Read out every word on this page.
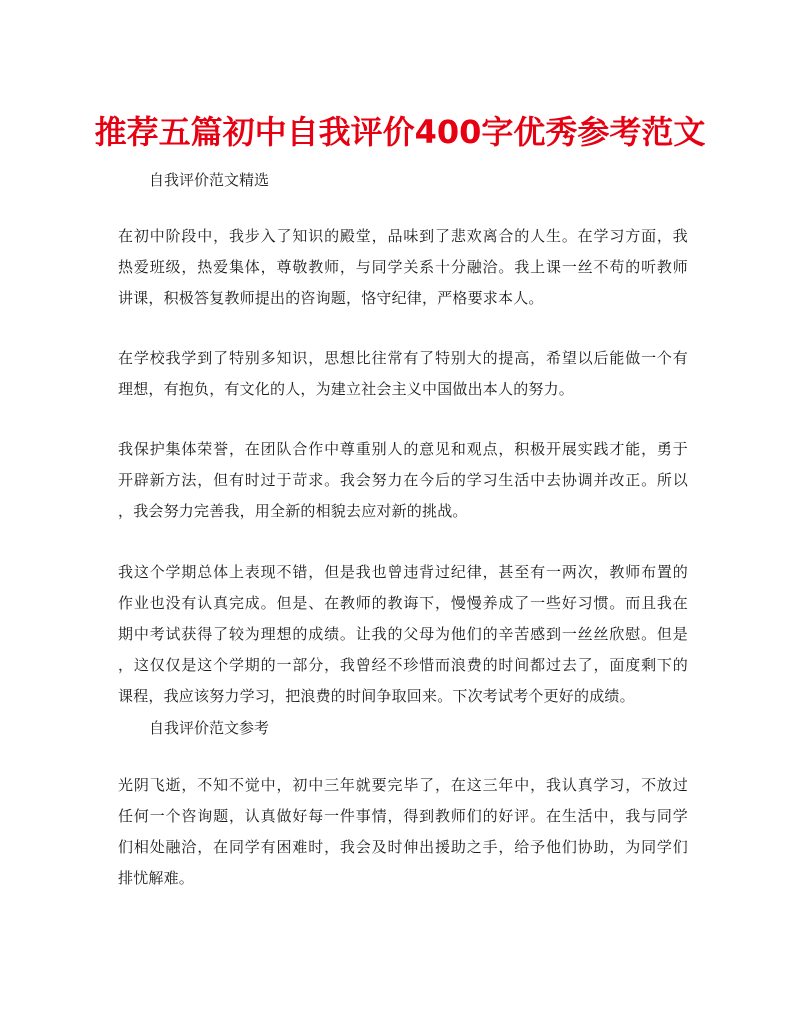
推荐五篇初中自我评价400字优秀参考范文
自我评价范文精选
在初中阶段中，我步入了知识的殿堂，品味到了悲欢离合的人生。在学习方面，我
热爱班级，热爱集体，尊敬教师，与同学关系十分融洽。我上课一丝不苟的听教师
讲课，积极答复教师提出的咨询题，恪守纪律，严格要求本人。
在学校我学到了特别多知识，思想比往常有了特别大的提高，希望以后能做一个有
理想，有抱负，有文化的人，为建立社会主义中国做出本人的努力。
我保护集体荣誉，在团队合作中尊重别人的意见和观点，积极开展实践才能，勇于
开辟新方法，但有时过于苛求。我会努力在今后的学习生活中去协调并改正。所以
，我会努力完善我，用全新的相貌去应对新的挑战。
我这个学期总体上表现不错，但是我也曾违背过纪律，甚至有一两次，教师布置的
作业也没有认真完成。但是、在教师的教诲下，慢慢养成了一些好习惯。而且我在
期中考试获得了较为理想的成绩。让我的父母为他们的辛苦感到一丝丝欣慰。但是
，这仅仅是这个学期的一部分，我曾经不珍惜而浪费的时间都过去了，面度剩下的
课程，我应该努力学习，把浪费的时间争取回来。下次考试考个更好的成绩。
自我评价范文参考
光阴飞逝，不知不觉中，初中三年就要完毕了，在这三年中，我认真学习，不放过
任何一个咨询题，认真做好每一件事情，得到教师们的好评。在生活中，我与同学
们相处融洽，在同学有困难时，我会及时伸出援助之手，给予他们协助，为同学们
排忧解难。
